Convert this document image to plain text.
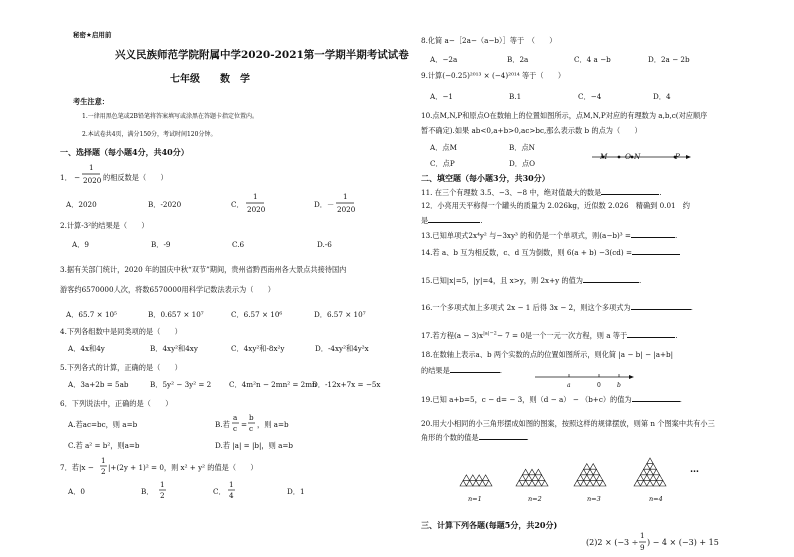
秘密★启用前
兴义民族师范学院附属中学2020-2021第一学期半期考试试卷
七年级　　数　学
考生注意：
1.一律用黑色笔或2B铅笔将答案填写或涂黑在答题卡指定位置内。
2.本试卷共4页，满分150分，考试时间120分钟。
一、选择题（每小题4分，共40分）
1． −
1
2020 的相反数是（　　）
A．2020	B．-2020	C．
1
2020
D．－
1
2020
2.计算-3²的结果是（　　）
A．9	B．-9	C.6	D.-6
3.据有关部门统计，2020 年的国庆中秋“双节”期间，贵州省黔西南州各大景点共接待国内
游客约6570000人次，将数6570000用科学记数法表示为（　　）
A．65.7 × 10⁵	B．0.657 × 10⁷	C．6.57 × 10⁶	D．6.57 × 10⁷
4.下列各组数中是同类项的是（　　）
A．4x和4y	B．4xy²和4xy	C．4xy²和-8x²y	D．-4xy²和4y²x
5.下列各式的计算，正确的是（　　）
A．3a+2b = 5ab	B．5y² − 3y² = 2 C．4m²n − 2mn² = 2mn
D．-12x+7x = −5x
6．下列说法中，正确的是（　　）
A.若ac=bc，则 a=b	B.若
a
c =
b
c ，则 a=b
C.若 a² = b²，则a=b	D.若 |a| = |b|，则 a=b
7．若|x −
1
2 |+(2y + 1)² = 0，则 x² + y² 的值是（　　）
A．0	B．
1
2	C．
1
4	D．1
8.化简 a−［2a−（a−b）］等于　（　　）
A．−2a	B．2a	C．4 a −b	D．2a − 2b
9.计算(−0.25)²⁰¹³ × (−4)²⁰¹⁴ 等于（　　）
A．−1	B.1	C．−4	D．4
10.点M,N,P和原点O在数轴上的位置如图所示，点M,N,P对应的有理数为 a,b,c(对应顺序
暂不确定).如果 ab<0,a+b>0,ac>bc,那么表示数 b 的点为（　　）
A．点M	B．点N
C．点P	D．点O
M O N	P
二、填空题（每小题3分，共30分）
11. 在三个有理数 3.5、−3、−8 中，绝对值最大的数是	.
12．小亮用天平称得一个罐头的质量为 2.026kg，近似数 2.026　精确到 0.01　约
是	.
13.已知单项式2x⁴y² 与−3xy³ 的和仍是一个单项式，则(a−b)³ =	.
14.若 a、b 互为相反数，c、d 互为倒数，则 6(a + b) −3(cd) =
15.已知|x|=5，|y|=4，且 x>y，则 2x+y 的值为	.
16.一个多项式加上多项式 2x − 1 后得 3x − 2，则这个多项式为	.
17.若方程$(a - 3)x^{|a|-2}- 7 = 0$是一个一元一次方程，则 a 等于	.
18.在数轴上表示a、b 两个实数的点的位置如图所示，则化简 |a − b| − |a+b|
的结果是	.
a	0	b
19.已知 a+b=5，c − d= − 3，则（d − a） − （b+c）的值为	.
20.用大小相同的小三角形摆成如图的图案，按照这样的规律摆放，则第 n 个图案中共有小三
角形的个数的值是	.
n=1	n=2	n=3	n=4
…
三、计算下列各题(每题5分，共20分)
(2)2 × (−3 ÷
1
9
) − 4 × (−3) + 15
